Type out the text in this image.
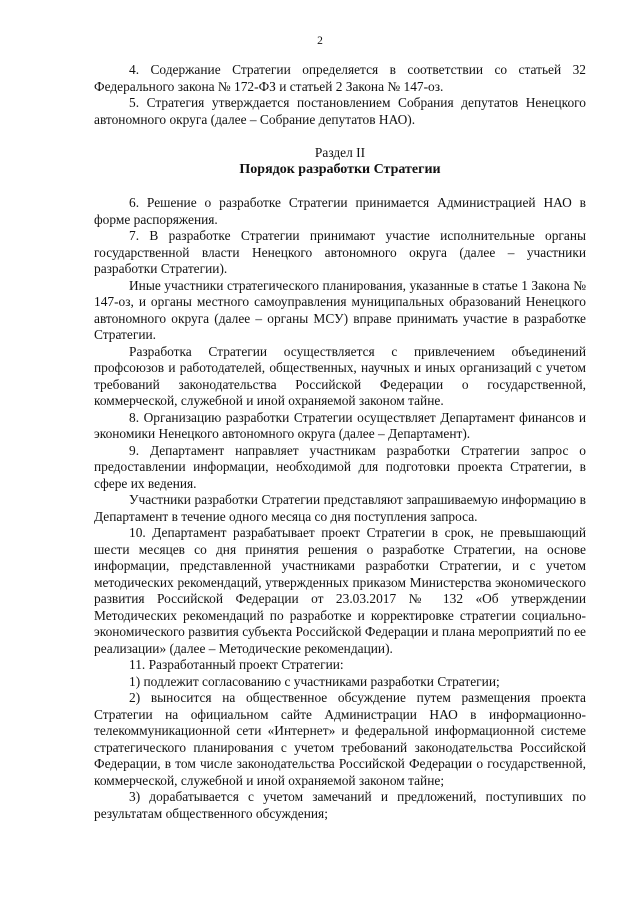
2

4. Содержание Стратегии определяется в соответствии со статьей 32 Федерального закона № 172-ФЗ и статьей 2 Закона № 147-оз.

5. Стратегия утверждается постановлением Собрания депутатов Ненецкого автономного округа (далее – Собрание депутатов НАО).

Раздел II

Порядок разработки Стратегии

6. Решение о разработке Стратегии принимается Администрацией НАО в форме распоряжения.

7. В разработке Стратегии принимают участие исполнительные органы государственной власти Ненецкого автономного округа (далее – участники разработки Стратегии).

Иные участники стратегического планирования, указанные в статье 1 Закона № 147-оз, и органы местного самоуправления муниципальных образований Ненецкого автономного округа (далее – органы МСУ) вправе принимать участие в разработке Стратегии.

Разработка Стратегии осуществляется с привлечением объединений профсоюзов и работодателей, общественных, научных и иных организаций с учетом требований законодательства Российской Федерации о государственной, коммерческой, служебной и иной охраняемой законом тайне.

8. Организацию разработки Стратегии осуществляет Департамент финансов и экономики Ненецкого автономного округа (далее – Департамент).

9. Департамент направляет участникам разработки Стратегии запрос о предоставлении информации, необходимой для подготовки проекта Стратегии, в сфере их ведения.

Участники разработки Стратегии представляют запрашиваемую информацию в Департамент в течение одного месяца со дня поступления запроса.

10. Департамент разрабатывает проект Стратегии в срок, не превышающий шести месяцев со дня принятия решения о разработке Стратегии, на основе информации, представленной участниками разработки Стратегии, и с учетом методических рекомендаций, утвержденных приказом Министерства экономического развития Российской Федерации от 23.03.2017 № 132 «Об утверждении Методических рекомендаций по разработке и корректировке стратегии социально-экономического развития субъекта Российской Федерации и плана мероприятий по ее реализации» (далее – Методические рекомендации).

11. Разработанный проект Стратегии:

1) подлежит согласованию с участниками разработки Стратегии;

2) выносится на общественное обсуждение путем размещения проекта Стратегии на официальном сайте Администрации НАО в информационно-телекоммуникационной сети «Интернет» и федеральной информационной системе стратегического планирования с учетом требований законодательства Российской Федерации, в том числе законодательства Российской Федерации о государственной, коммерческой, служебной и иной охраняемой законом тайне;

3) дорабатывается с учетом замечаний и предложений, поступивших по результатам общественного обсуждения;
